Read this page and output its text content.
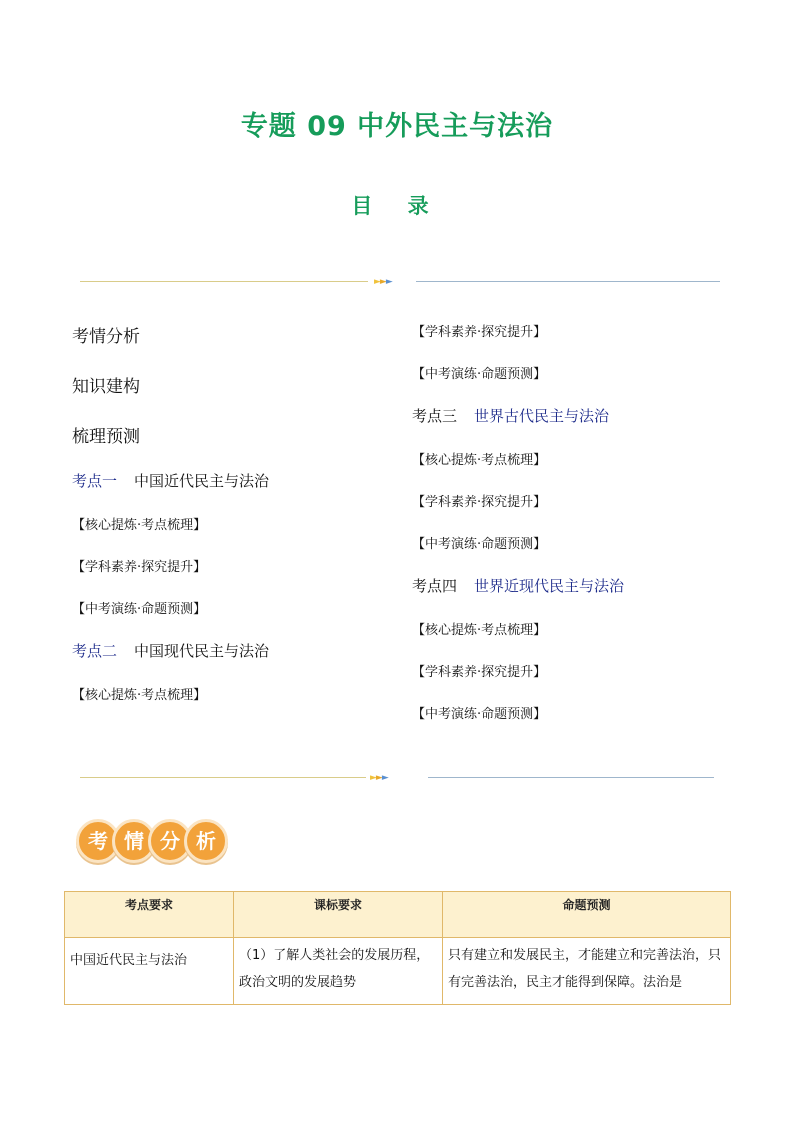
专题 09 中外民主与法治
目 录
►►►
考情分析
知识建构
梳理预测
考点一 中国近代民主与法治
【核心提炼·考点梳理】
【学科素养·探究提升】
【中考演练·命题预测】
考点二 中国现代民主与法治
【核心提炼·考点梳理】
【学科素养·探究提升】
【中考演练·命题预测】
考点三 世界古代民主与法治
【核心提炼·考点梳理】
【学科素养·探究提升】
【中考演练·命题预测】
考点四 世界近现代民主与法治
【核心提炼·考点梳理】
【学科素养·探究提升】
【中考演练·命题预测】
►►►
考 情 分 析
考点要求	课标要求	命题预测
中国近代民主与法治	（1）了解人类社会的发展历程，政治文明的发展趋势	只有建立和发展民主，才能建立和完善法治，只有完善法治，民主才能得到保障。法治是
